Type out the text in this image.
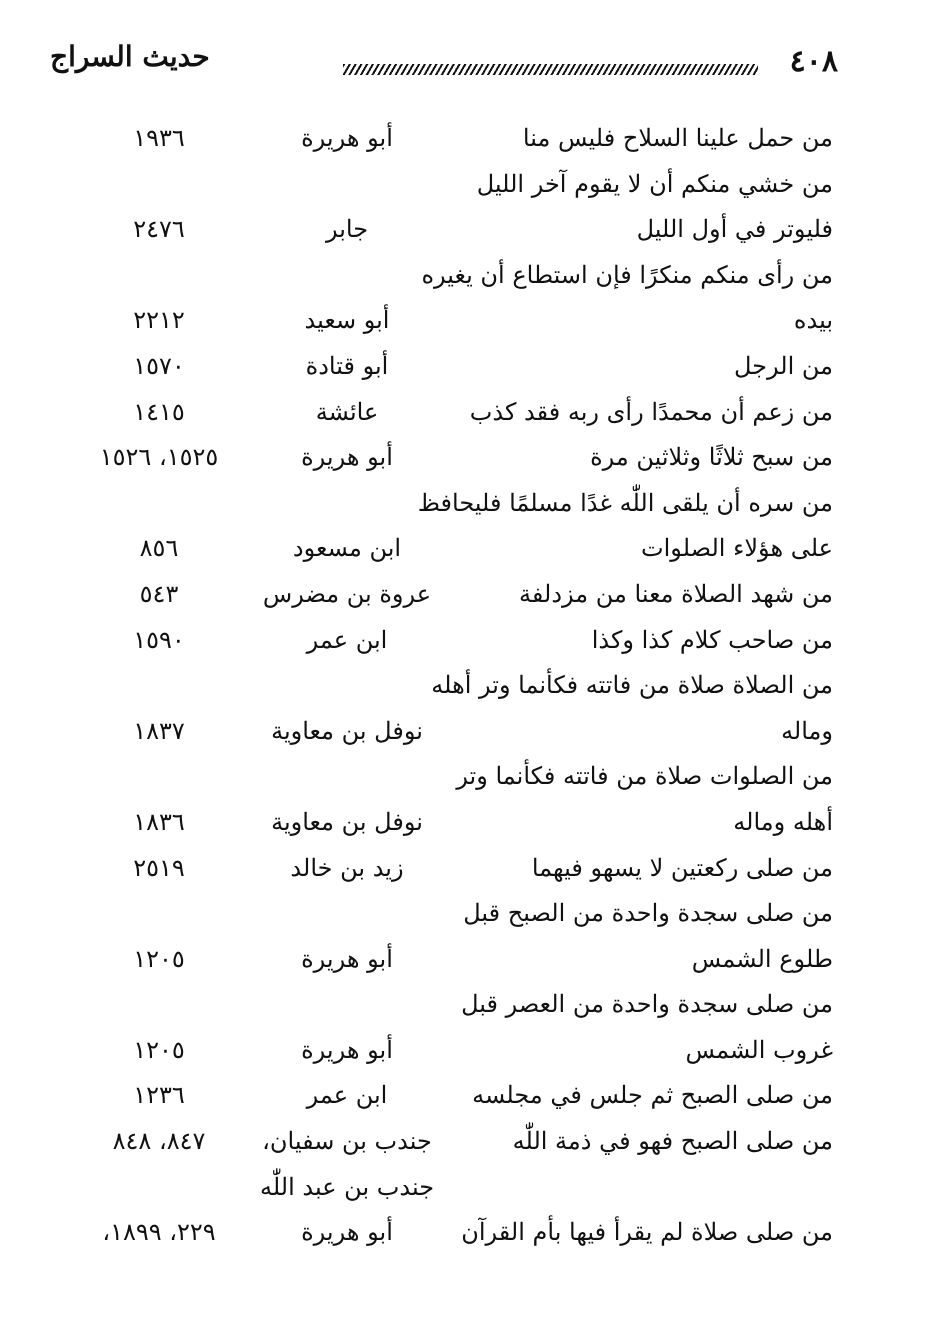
٤٠٨
حديث السراج
من حمل علينا السلاح فليس منا
أبو هريرة
١٩٣٦
من خشي منكم أن لا يقوم آخر الليل
فليوتر في أول الليل
جابر
٢٤٧٦
من رأى منكم منكرًا فإن استطاع أن يغيره
بيده
أبو سعيد
٢٢١٢
من الرجل
أبو قتادة
١٥٧٠
من زعم أن محمدًا رأى ربه فقد كذب
عائشة
١٤١٥
من سبح ثلاثًا وثلاثين مرة
أبو هريرة
١٥٢٥، ١٥٢٦
من سره أن يلقى اللّٰه غدًا مسلمًا فليحافظ
على هؤلاء الصلوات
ابن مسعود
٨٥٦
من شهد الصلاة معنا من مزدلفة
عروة بن مضرس
٥٤٣
من صاحب كلام كذا وكذا
ابن عمر
١٥٩٠
من الصلاة صلاة من فاتته فكأنما وتر أهله
وماله
نوفل بن معاوية
١٨٣٧
من الصلوات صلاة من فاتته فكأنما وتر
أهله وماله
نوفل بن معاوية
١٨٣٦
من صلى ركعتين لا يسهو فيهما
زيد بن خالد
٢٥١٩
من صلى سجدة واحدة من الصبح قبل
طلوع الشمس
أبو هريرة
١٢٠٥
من صلى سجدة واحدة من العصر قبل
غروب الشمس
أبو هريرة
١٢٠٥
من صلى الصبح ثم جلس في مجلسه
ابن عمر
١٢٣٦
من صلى الصبح فهو في ذمة اللّٰه
جندب بن سفيان،
٨٤٧، ٨٤٨
جندب بن عبد اللّٰه
من صلى صلاة لم يقرأ فيها بأم القرآن
أبو هريرة
٢٢٩، ١٨٩٩،
